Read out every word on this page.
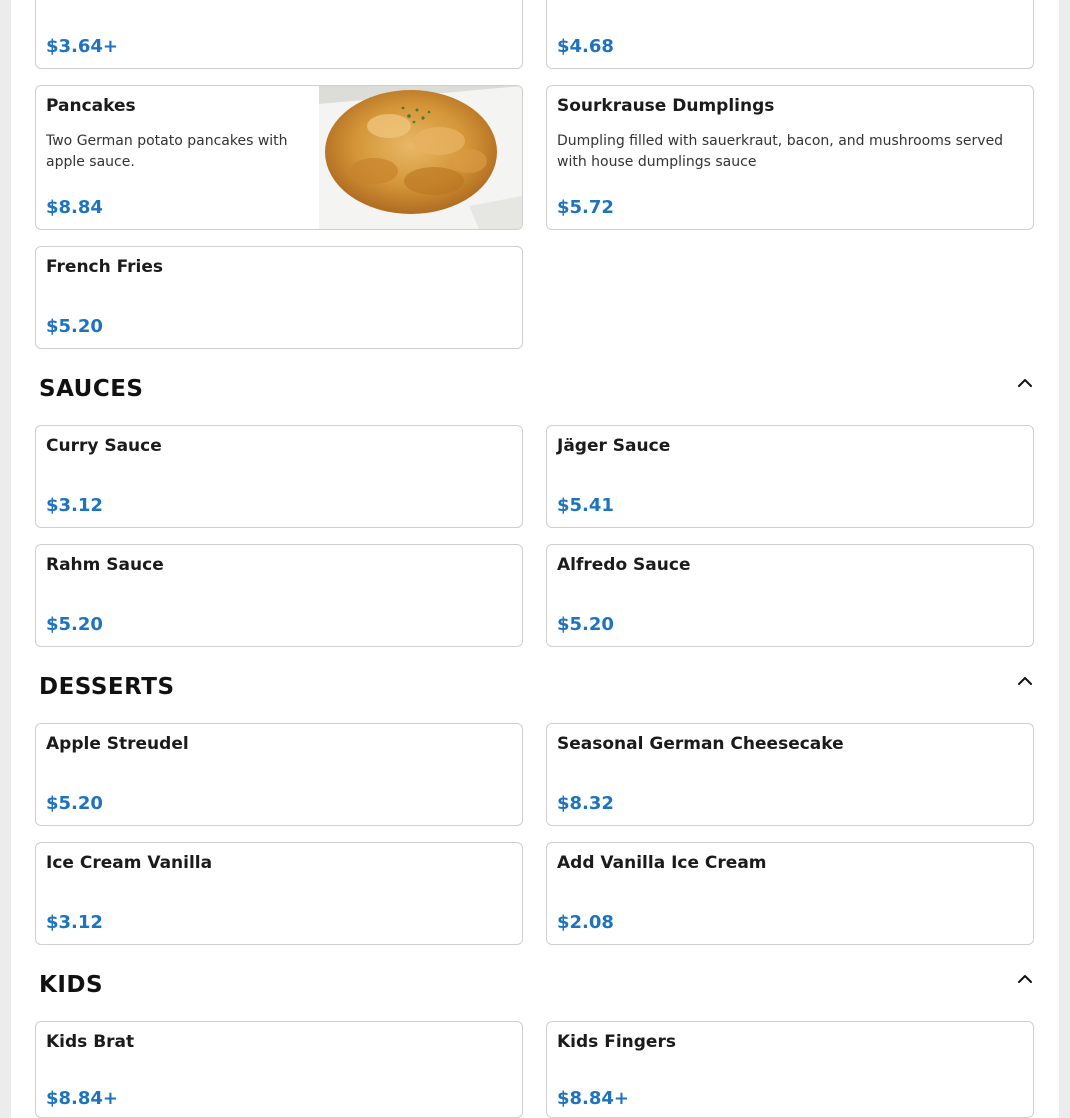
$3.64+	$4.68
Pancakes
Two German potato pancakes with apple sauce.
$8.84
Sourkrause Dumplings
Dumpling filled with sauerkraut, bacon, and mushrooms served with house dumplings sauce
$5.72
French Fries
$5.20
SAUCES
Curry Sauce
$3.12
Jäger Sauce
$5.41
Rahm Sauce
$5.20
Alfredo Sauce
$5.20
DESSERTS
Apple Streudel
$5.20
Seasonal German Cheesecake
$8.32
Ice Cream Vanilla
$3.12
Add Vanilla Ice Cream
$2.08
KIDS
Kids Brat
$8.84+
Kids Fingers
$8.84+
